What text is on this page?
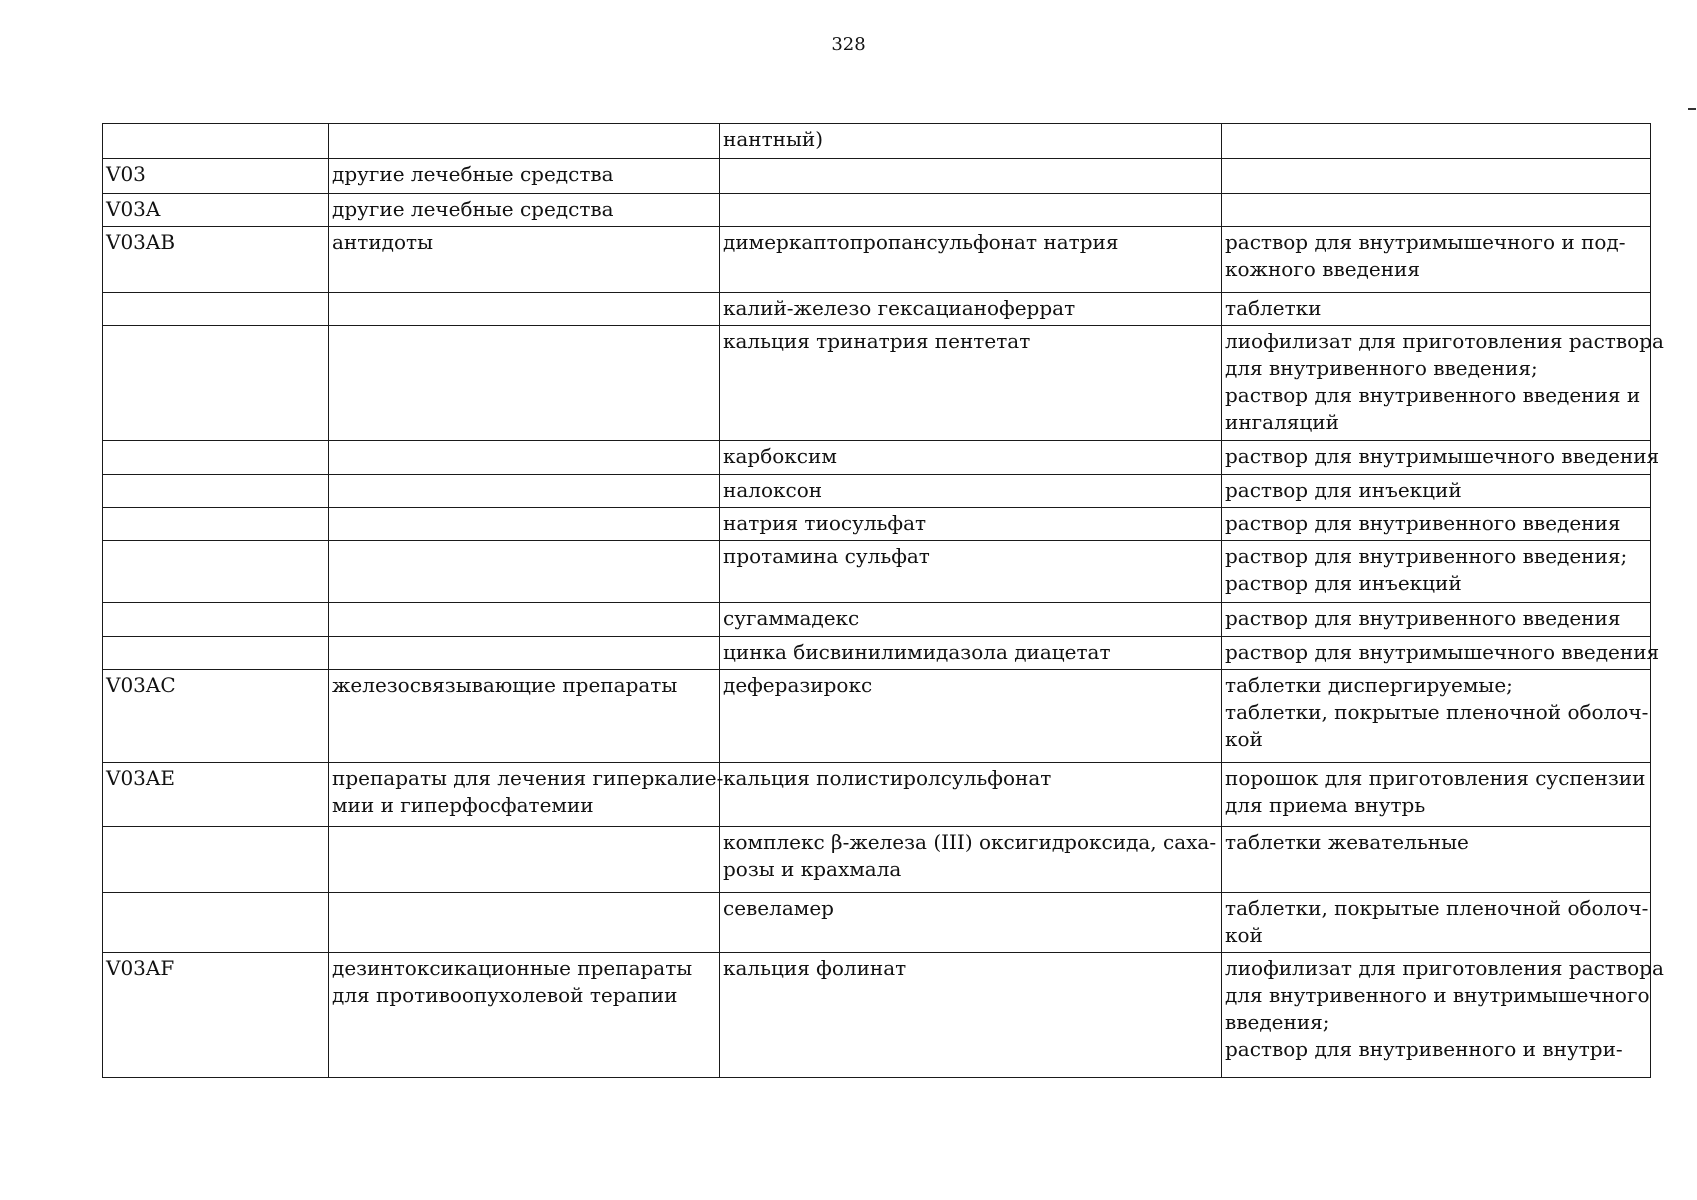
328

		нантный)	

V03	другие лечебные средства		

V03A	другие лечебные средства		

V03AB	антидоты	димеркаптопропансульфонат натрия	раствор для внутримышечного и под-
кожного введения

		калий-железо гексацианоферрат	таблетки

		кальция тринатрия пентетат	лиофилизат для приготовления раствора
для внутривенного введения;
раствор для внутривенного введения и
ингаляций

		карбоксим	раствор для внутримышечного введения

		налоксон	раствор для инъекций

		натрия тиосульфат	раствор для внутривенного введения

		протамина сульфат	раствор для внутривенного введения;
раствор для инъекций

		сугаммадекс	раствор для внутривенного введения

		цинка бисвинилимидазола диацетат	раствор для внутримышечного введения

V03AC	железосвязывающие препараты	деферазирокс	таблетки диспергируемые;
таблетки, покрытые пленочной оболоч-
кой

V03AE	препараты для лечения гиперкалие-
мии и гиперфосфатемии	кальция полистиролсульфонат	порошок для приготовления суспензии
для приема внутрь

		комплекс β-железа (III) оксигидроксида, саха-
розы и крахмала	таблетки жевательные

		севеламер	таблетки, покрытые пленочной оболоч-
кой

V03AF	дезинтоксикационные препараты
для противоопухолевой терапии	кальция фолинат	лиофилизат для приготовления раствора
для внутривенного и внутримышечного
введения;
раствор для внутривенного и внутри-
